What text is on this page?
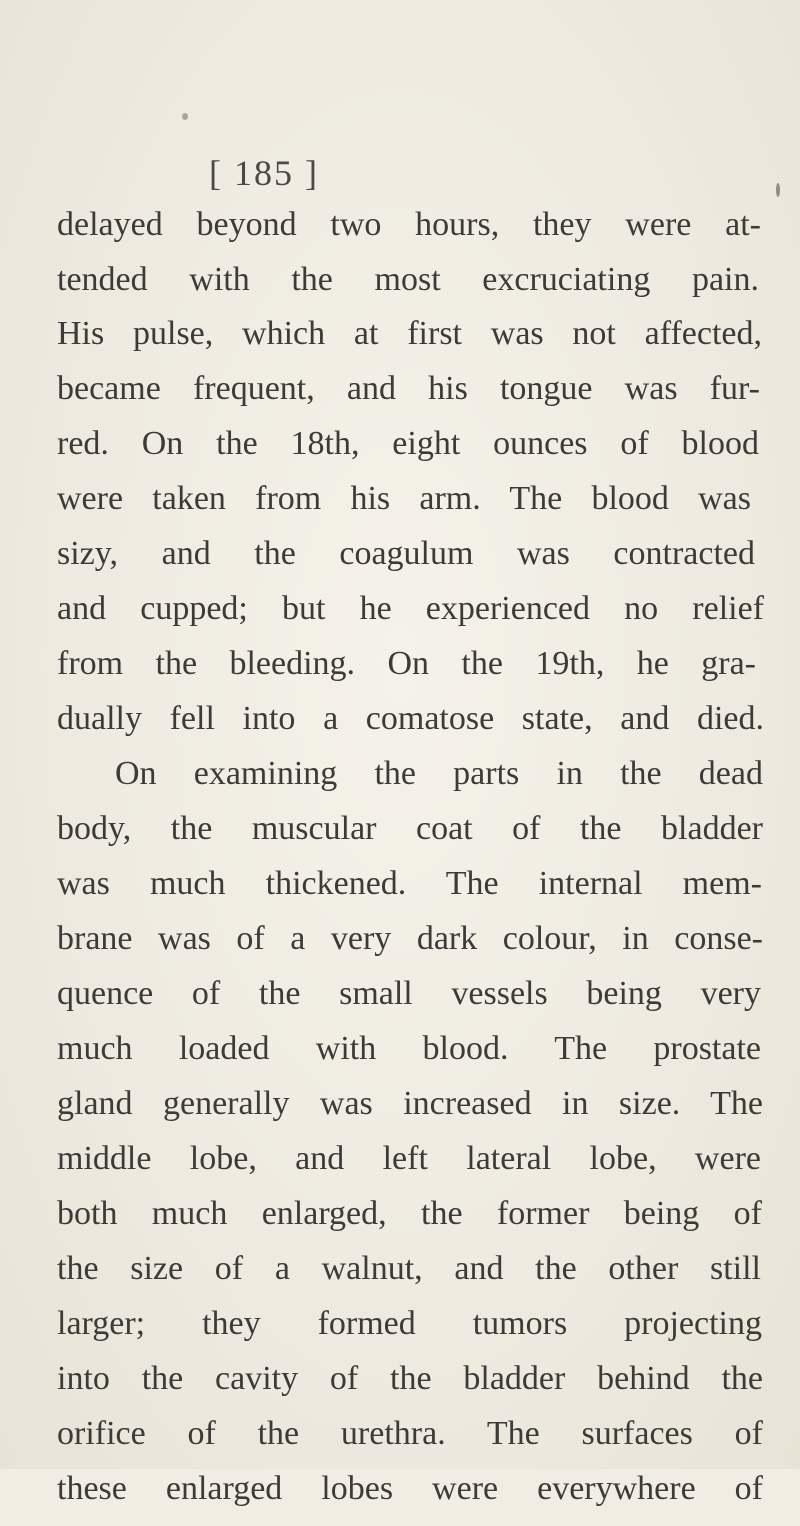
[ 185 ]
delayed beyond two hours, they were at-
tended with the most excruciating pain.
His pulse, which at first was not affected,
became frequent, and his tongue was fur-
red. On the 18th, eight ounces of blood
were taken from his arm. The blood was
sizy, and the coagulum was contracted
and cupped; but he experienced no relief
from the bleeding. On the 19th, he gra-
dually fell into a comatose state, and died.
On examining the parts in the dead
body, the muscular coat of the bladder
was much thickened. The internal mem-
brane was of a very dark colour, in conse-
quence of the small vessels being very
much loaded with blood. The prostate
gland generally was increased in size. The
middle lobe, and left lateral lobe, were
both much enlarged, the former being of
the size of a walnut, and the other still
larger; they formed tumors projecting
into the cavity of the bladder behind the
orifice of the urethra. The surfaces of
these enlarged lobes were everywhere of
